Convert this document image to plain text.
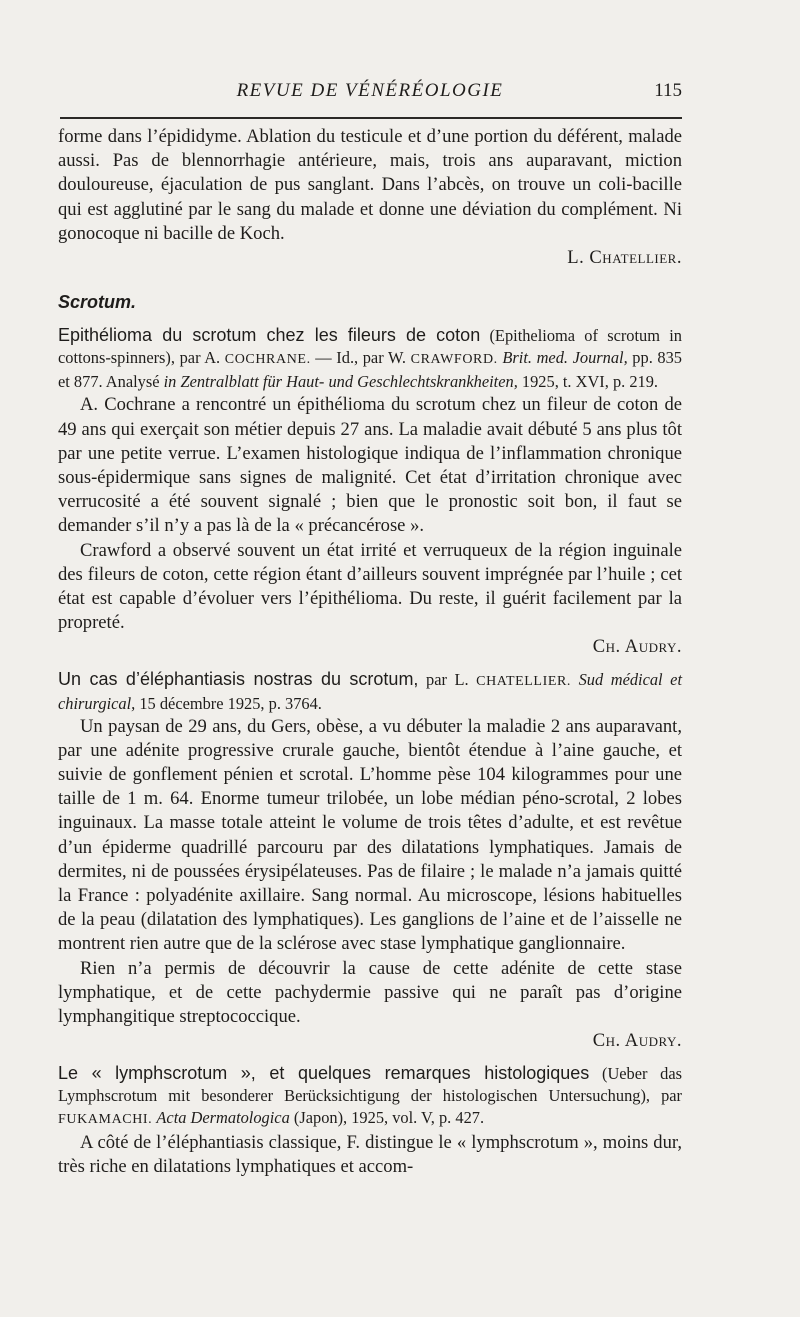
REVUE DE VÉNÉRÉOLOGIE	115

forme dans l’épididyme. Ablation du testicule et d’une portion du déférent, malade aussi. Pas de blennorrhagie antérieure, mais, trois ans auparavant, miction douloureuse, éjaculation de pus sanglant. Dans l’abcès, on trouve un coli-bacille qui est agglutiné par le sang du malade et donne une déviation du complément. Ni gonocoque ni bacille de Koch.

L. Chatellier.

Scrotum.

Epithélioma du scrotum chez les fileurs de coton (Epithelioma of scrotum in cottons-spinners), par A. COCHRANE. — Id., par W. CRAWFORD. Brit. med. Journal, pp. 835 et 877. Analysé in Zentralblatt für Haut- und Geschlechtskrankheiten, 1925, t. XVI, p. 219.

A. Cochrane a rencontré un épithélioma du scrotum chez un fileur de coton de 49 ans qui exerçait son métier depuis 27 ans. La maladie avait débuté 5 ans plus tôt par une petite verrue. L’examen histologique indiqua de l’inflammation chronique sous-épidermique sans signes de malignité. Cet état d’irritation chronique avec verrucosité a été souvent signalé ; bien que le pronostic soit bon, il faut se demander s’il n’y a pas là de la « précancérose ».

Crawford a observé souvent un état irrité et verruqueux de la région inguinale des fileurs de coton, cette région étant d’ailleurs souvent imprégnée par l’huile ; cet état est capable d’évoluer vers l’épithélioma. Du reste, il guérit facilement par la propreté.

Ch. Audry.

Un cas d’éléphantiasis nostras du scrotum, par L. CHATELLIER. Sud médical et chirurgical, 15 décembre 1925, p. 3764.

Un paysan de 29 ans, du Gers, obèse, a vu débuter la maladie 2 ans auparavant, par une adénite progressive crurale gauche, bientôt étendue à l’aine gauche, et suivie de gonflement pénien et scrotal. L’homme pèse 104 kilogrammes pour une taille de 1 m. 64. Enorme tumeur trilobée, un lobe médian péno-scrotal, 2 lobes inguinaux. La masse totale atteint le volume de trois têtes d’adulte, et est revêtue d’un épiderme quadrillé parcouru par des dilatations lymphatiques. Jamais de dermites, ni de poussées érysipélateuses. Pas de filaire ; le malade n’a jamais quitté la France : polyadénite axillaire. Sang normal. Au microscope, lésions habituelles de la peau (dilatation des lymphatiques). Les ganglions de l’aine et de l’aisselle ne montrent rien autre que de la sclérose avec stase lymphatique ganglionnaire.

Rien n’a permis de découvrir la cause de cette adénite de cette stase lymphatique, et de cette pachydermie passive qui ne paraît pas d’origine lymphangitique streptococcique.

Ch. Audry.

Le « lymphscrotum », et quelques remarques histologiques (Ueber das Lymphscrotum mit besonderer Berücksichtigung der histologischen Untersuchung), par FUKAMACHI. Acta Dermatologica (Japon), 1925, vol. V, p. 427.

A côté de l’éléphantiasis classique, F. distingue le « lymphscrotum », moins dur, très riche en dilatations lymphatiques et accom-
